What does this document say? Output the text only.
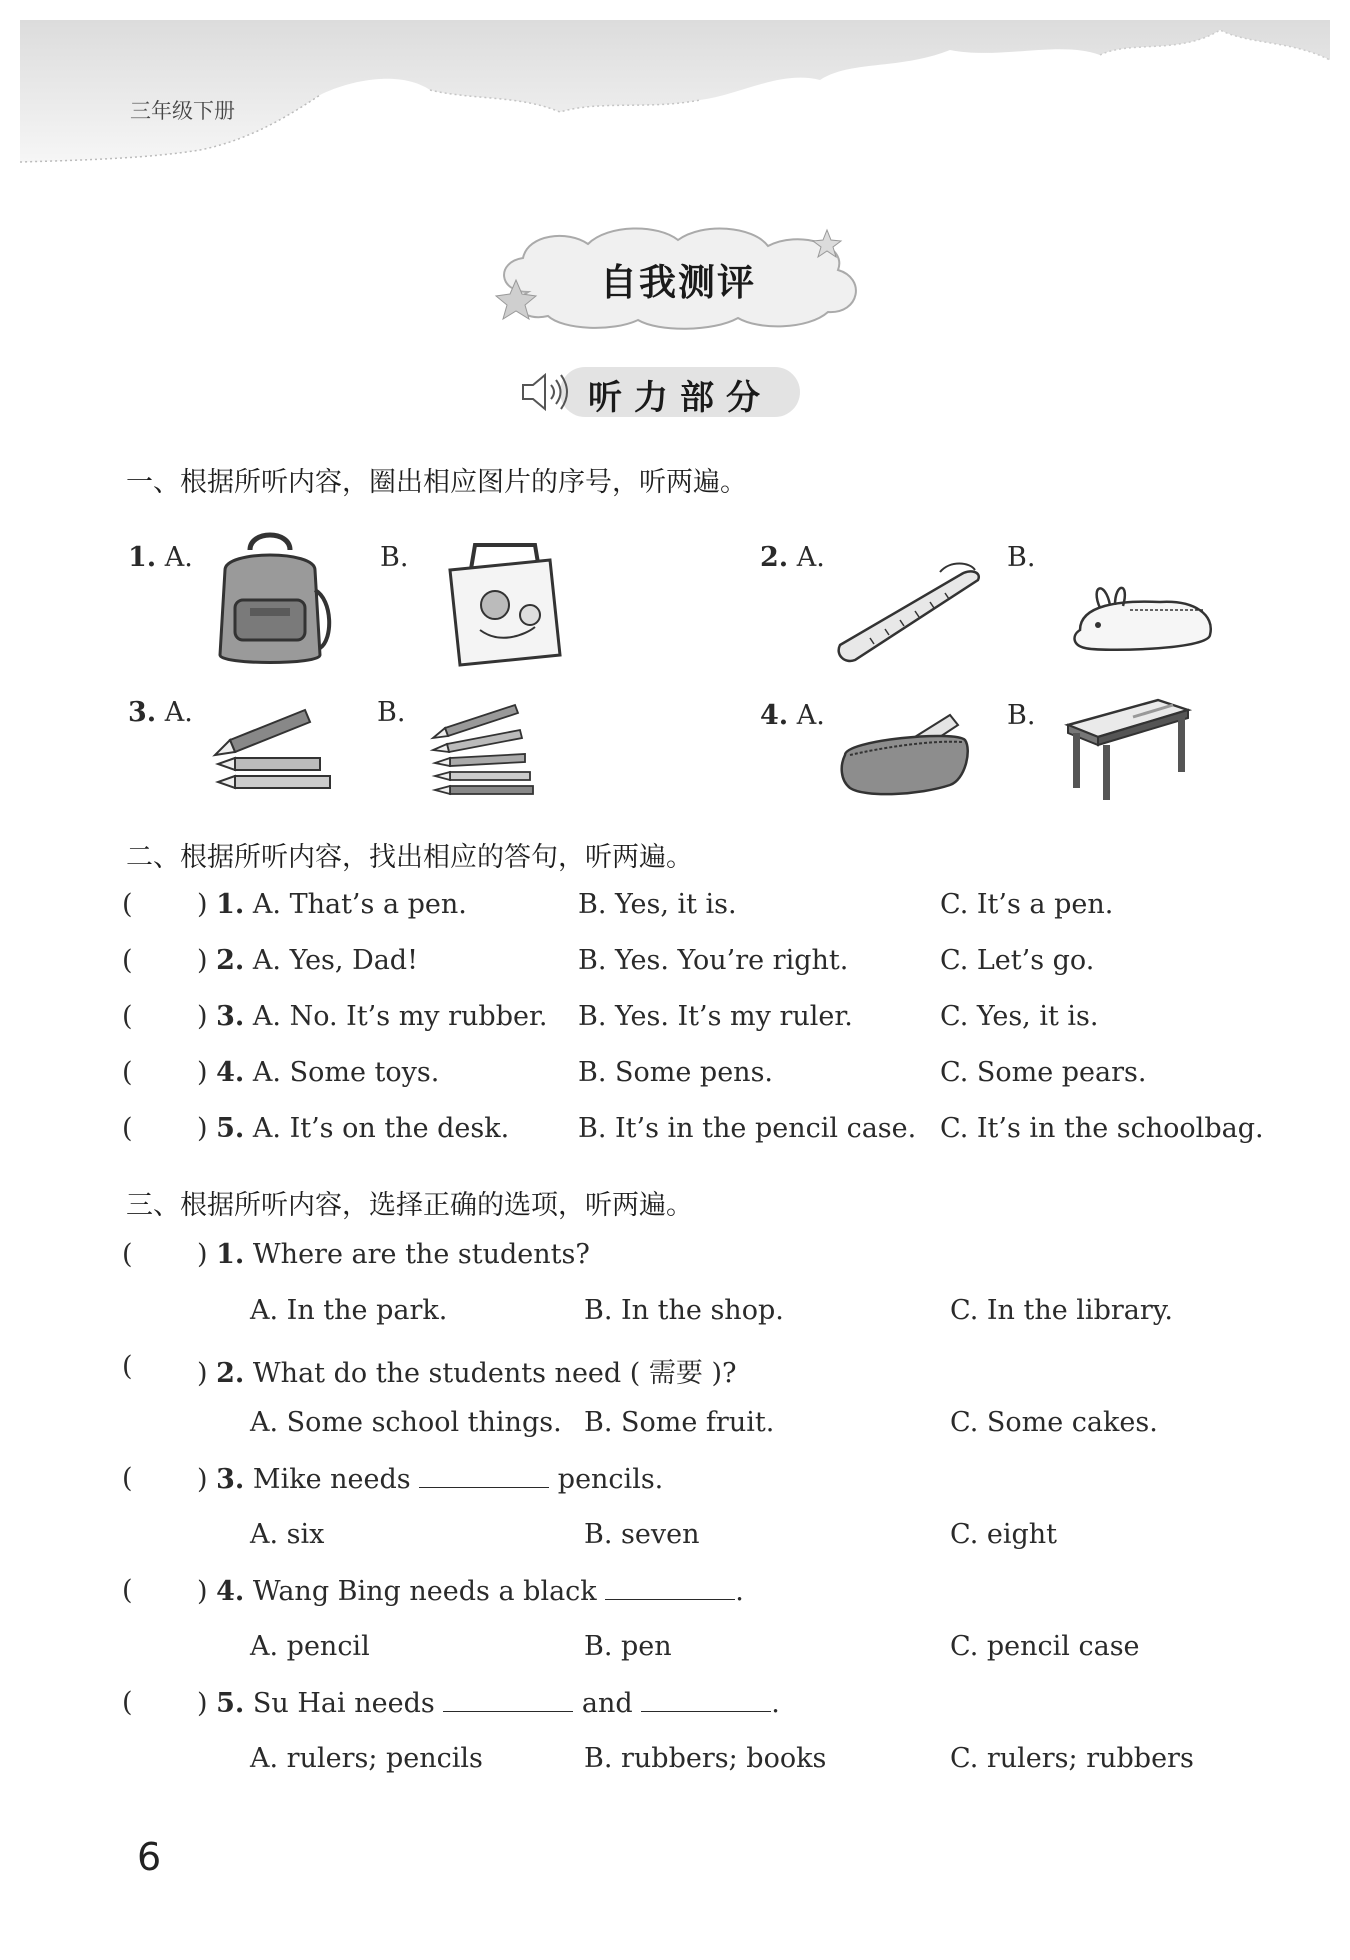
三年级下册
自我测评
听力部分
一、根据所听内容，圈出相应图片的序号，听两遍。
1. A.	B.	2. A.	B.
3. A.	B.	4. A.	B.
二、根据所听内容，找出相应的答句，听两遍。
( ) 1. A. That’s a pen.	B. Yes, it is.	C. It’s a pen.
( ) 2. A. Yes, Dad!	B. Yes. You’re right.	C. Let’s go.
( ) 3. A. No. It’s my rubber. B. Yes. It’s my ruler.	C. Yes, it is.
( ) 4. A. Some toys.	B. Some pens.	C. Some pears.
( ) 5. A. It’s on the desk.	B. It’s in the pencil case. C. It’s in the schoolbag.
三、根据所听内容，选择正确的选项，听两遍。
( ) 1. Where are the students?
A. In the park.	B. In the shop.	C. In the library.
( ) 2. What do the students need ( 需要 )?
A. Some school things. B. Some fruit.	C. Some cakes.
( ) 3. Mike needs	pencils.
A. six	B. seven	C. eight
( ) 4. Wang Bing needs a black	.
A. pencil	B. pen	C. pencil case
( ) 5. Su Hai needs	and	.
A. rulers; pencils	B. rubbers; books	C. rulers; rubbers
6
